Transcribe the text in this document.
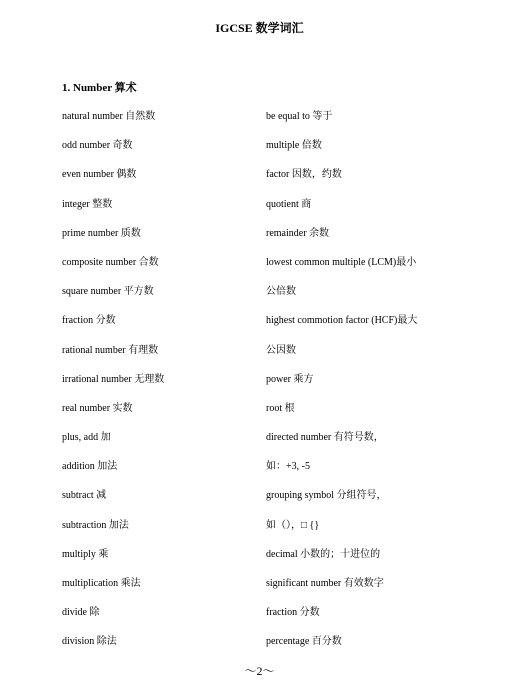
IGCSE 数学词汇
1. Number 算术
natural number 自然数
odd number 奇数
even number 偶数
integer 整数
prime number 质数
composite number 合数
square number 平方数
fraction 分数
rational number 有理数
irrational number 无理数
real number 实数
plus, add 加
addition 加法
subtract 减
subtraction 加法
multiply 乘
multiplication 乘法
divide 除
division 除法
be equal to 等于
multiple 倍数
factor 因数，约数
quotient 商
remainder 余数
lowest common multiple (LCM)最小
公倍数
highest commotion factor (HCF)最大
公因数
power 乘方
root 根
directed number 有符号数，
如：+3, -5
grouping symbol 分组符号，
如（），□ {}
decimal 小数的；十进位的
significant number 有效数字
fraction 分数
percentage 百分数
～2～
